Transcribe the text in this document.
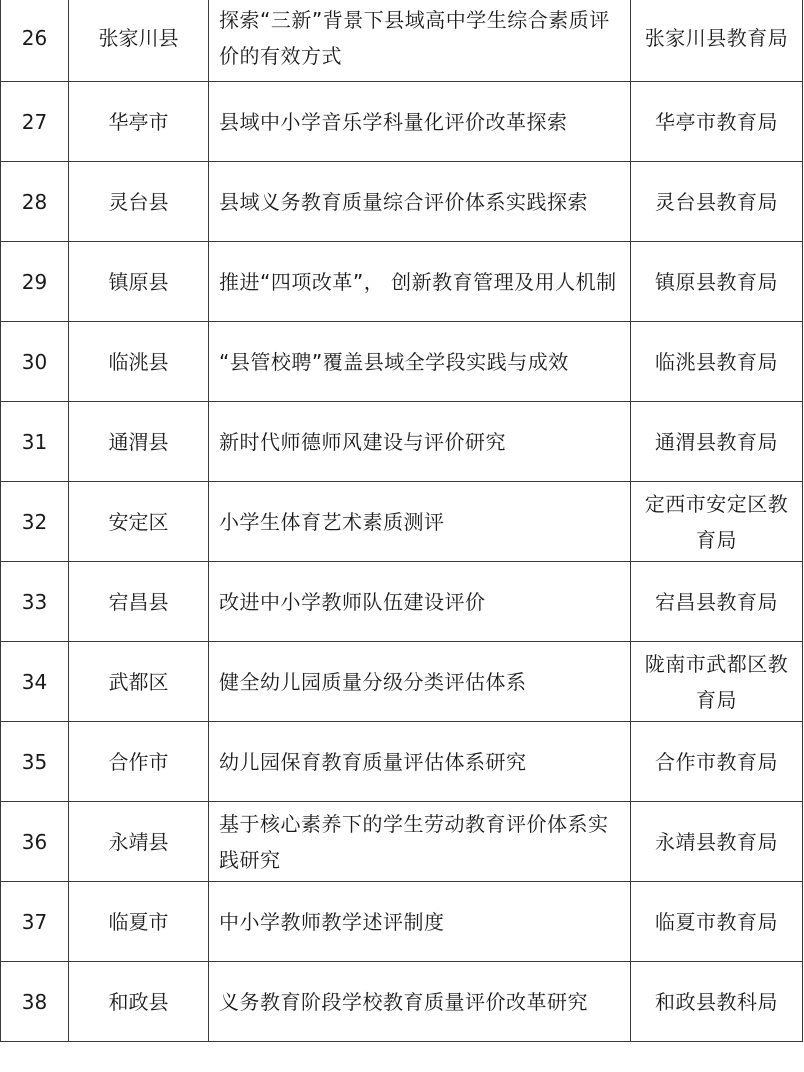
26	张家川县	探索“三新”背景下县域高中学生综合素质评价的有效方式	张家川县教育局
27	华亭市	县域中小学音乐学科量化评价改革探索	华亭市教育局
28	灵台县	县域义务教育质量综合评价体系实践探索	灵台县教育局
29	镇原县	推进“四项改革”， 创新教育管理及用人机制	镇原县教育局
30	临洮县	“县管校聘”覆盖县域全学段实践与成效	临洮县教育局
31	通渭县	新时代师德师风建设与评价研究	通渭县教育局
32	安定区	小学生体育艺术素质测评	定西市安定区教育局
33	宕昌县	改进中小学教师队伍建设评价	宕昌县教育局
34	武都区	健全幼儿园质量分级分类评估体系	陇南市武都区教育局
35	合作市	幼儿园保育教育质量评估体系研究	合作市教育局
36	永靖县	基于核心素养下的学生劳动教育评价体系实践研究	永靖县教育局
37	临夏市	中小学教师教学述评制度	临夏市教育局
38	和政县	义务教育阶段学校教育质量评价改革研究	和政县教科局
